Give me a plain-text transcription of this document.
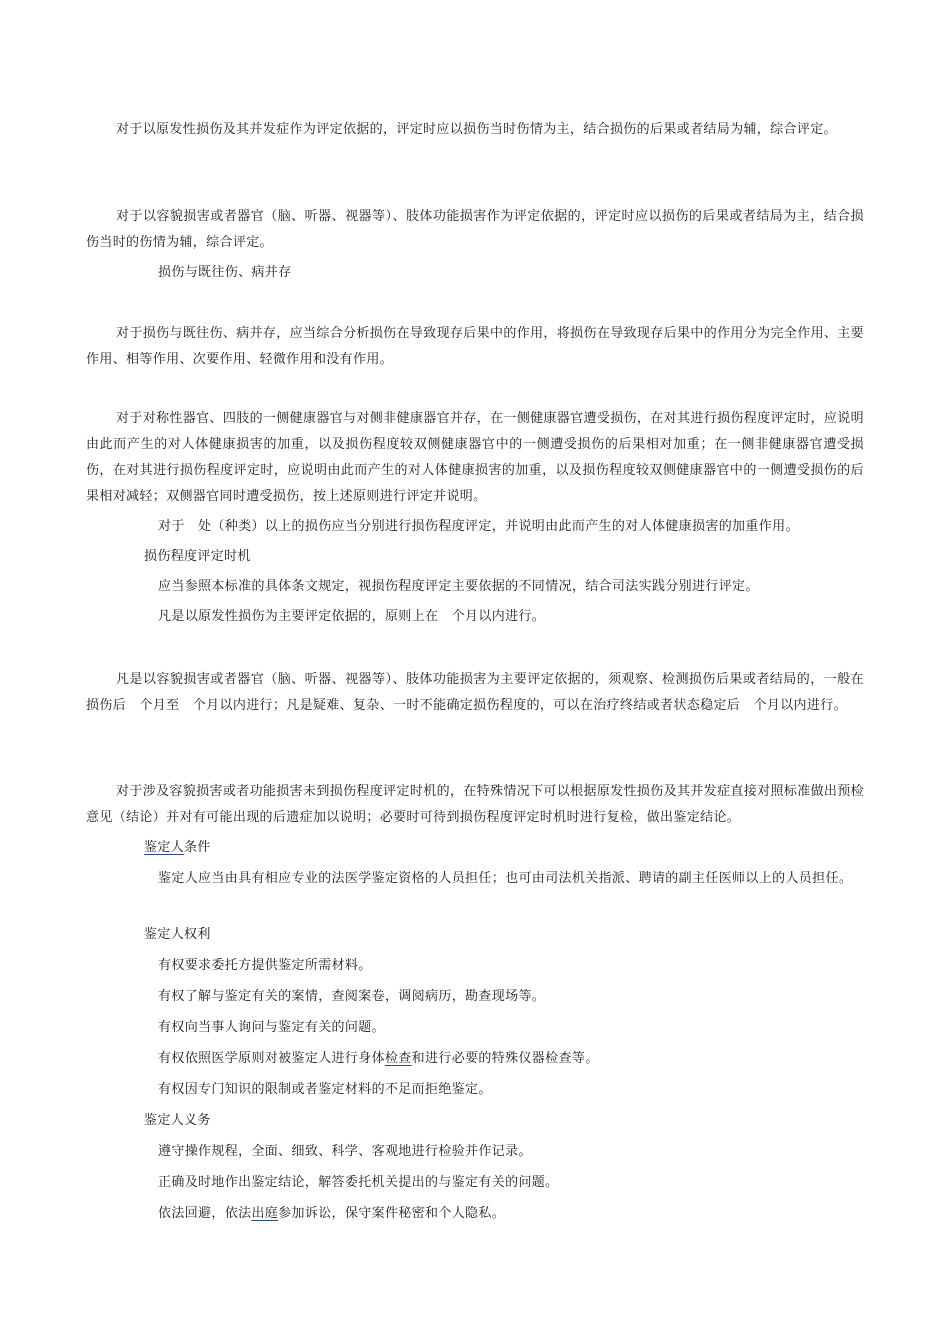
对于以原发性损伤及其并发症作为评定依据的，评定时应以损伤当时伤情为主，结合损伤的后果或者结局为辅，综合评定。

对于以容貌损害或者器官（脑、听器、视器等）、肢体功能损害作为评定依据的，评定时应以损伤的后果或者结局为主，结合损伤当时的伤情为辅，综合评定。

损伤与既往伤、病并存

对于损伤与既往伤、病并存，应当综合分析损伤在导致现存后果中的作用，将损伤在导致现存后果中的作用分为完全作用、主要作用、相等作用、次要作用、轻微作用和没有作用。

对于对称性器官、四肢的一侧健康器官与对侧非健康器官并存，在一侧健康器官遭受损伤，在对其进行损伤程度评定时，应说明由此而产生的对人体健康损害的加重，以及损伤程度较双侧健康器官中的一侧遭受损伤的后果相对加重；在一侧非健康器官遭受损伤，在对其进行损伤程度评定时，应说明由此而产生的对人体健康损害的加重，以及损伤程度较双侧健康器官中的一侧遭受损伤的后果相对减轻；双侧器官同时遭受损伤，按上述原则进行评定并说明。

对于　处（种类）以上的损伤应当分别进行损伤程度评定，并说明由此而产生的对人体健康损害的加重作用。

损伤程度评定时机

应当参照本标准的具体条文规定，视损伤程度评定主要依据的不同情况，结合司法实践分别进行评定。

凡是以原发性损伤为主要评定依据的，原则上在　个月以内进行。

凡是以容貌损害或者器官（脑、听器、视器等）、肢体功能损害为主要评定依据的，须观察、检测损伤后果或者结局的，一般在损伤后　个月至　个月以内进行；凡是疑难、复杂、一时不能确定损伤程度的，可以在治疗终结或者状态稳定后　个月以内进行。

对于涉及容貌损害或者功能损害未到损伤程度评定时机的，在特殊情况下可以根据原发性损伤及其并发症直接对照标准做出预检意见（结论）并对有可能出现的后遗症加以说明；必要时可待到损伤程度评定时机时进行复检，做出鉴定结论。

鉴定人条件

鉴定人应当由具有相应专业的法医学鉴定资格的人员担任；也可由司法机关指派、聘请的副主任医师以上的人员担任。

鉴定人权利

有权要求委托方提供鉴定所需材料。

有权了解与鉴定有关的案情，查阅案卷，调阅病历，勘查现场等。

有权向当事人询问与鉴定有关的问题。

有权依照医学原则对被鉴定人进行身体检查和进行必要的特殊仪器检查等。

有权因专门知识的限制或者鉴定材料的不足而拒绝鉴定。

鉴定人义务

遵守操作规程，全面、细致、科学、客观地进行检验并作记录。

正确及时地作出鉴定结论，解答委托机关提出的与鉴定有关的问题。

依法回避，依法出庭参加诉讼，保守案件秘密和个人隐私。
